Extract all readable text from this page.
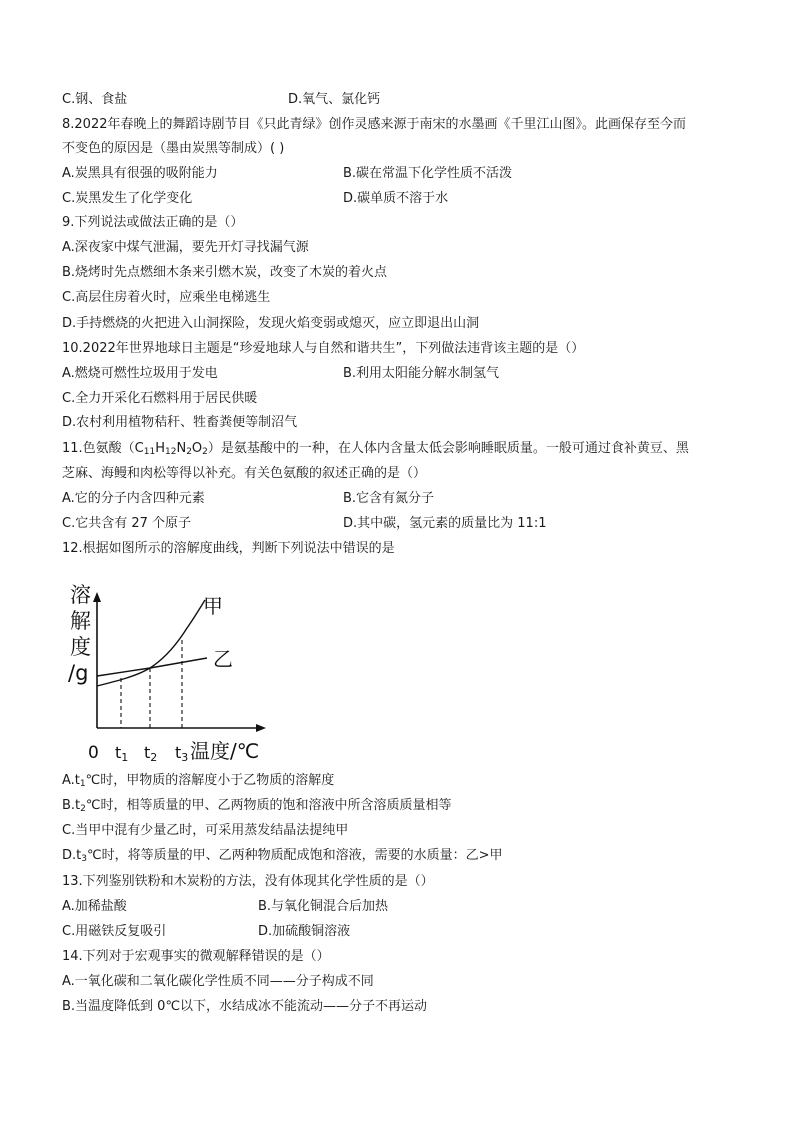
C.钢、食盐	D.氧气、氯化钙
8.2022年春晚上的舞蹈诗剧节目《只此青绿》创作灵感来源于南宋的水墨画《千里江山图》。此画保存至今而
不变色的原因是（墨由炭黑等制成）( )
A.炭黑具有很强的吸附能力	B.碳在常温下化学性质不活泼
C.炭黑发生了化学变化	D.碳单质不溶于水
9.下列说法或做法正确的是（）
A.深夜家中煤气泄漏，要先开灯寻找漏气源
B.烧烤时先点燃细木条来引燃木炭，改变了木炭的着火点
C.高层住房着火时，应乘坐电梯逃生
D.手持燃烧的火把进入山洞探险，发现火焰变弱或熄灭，应立即退出山洞
10.2022年世界地球日主题是“珍爱地球人与自然和谐共生”，下列做法违背该主题的是（）
A.燃烧可燃性垃圾用于发电	B.利用太阳能分解水制氢气
C.全力开采化石燃料用于居民供暖
D.农村利用植物秸秆、牲畜粪便等制沼气
11.色氨酸$(C_{11}H_{12}N_2O_2)$是氨基酸中的一种，在人体内含量太低会影响睡眠质量。一般可通过食补黄豆、黑
芝麻、海鳗和肉松等得以补充。有关色氨酸的叙述正确的是（）
A.它的分子内含四种元素	B.它含有氮分子
C.它共含有 27 个原子	D.其中碳，氢元素的质量比为 11:1
12.根据如图所示的溶解度曲线，判断下列说法中错误的是
溶
解
度
/g
甲
乙
0 t1 t2 t3 温度/℃
$A.t_1℃$时，甲物质的溶解度小于乙物质的溶解度
$B.t_2℃$时，相等质量的甲、乙两物质的饱和溶液中所含溶质质量相等
C.当甲中混有少量乙时，可采用蒸发结晶法提纯甲
$D.t_3℃$时，将等质量的甲、乙两种物质配成饱和溶液，需要的水质量：乙>甲
13.下列鉴别铁粉和木炭粉的方法，没有体现其化学性质的是（）
A.加稀盐酸	B.与氧化铜混合后加热
C.用磁铁反复吸引	D.加硫酸铜溶液
14.下列对于宏观事实的微观解释错误的是（）
A.一氧化碳和二氧化碳化学性质不同——分子构成不同
B.当温度降低到 0℃以下，水结成冰不能流动——分子不再运动
